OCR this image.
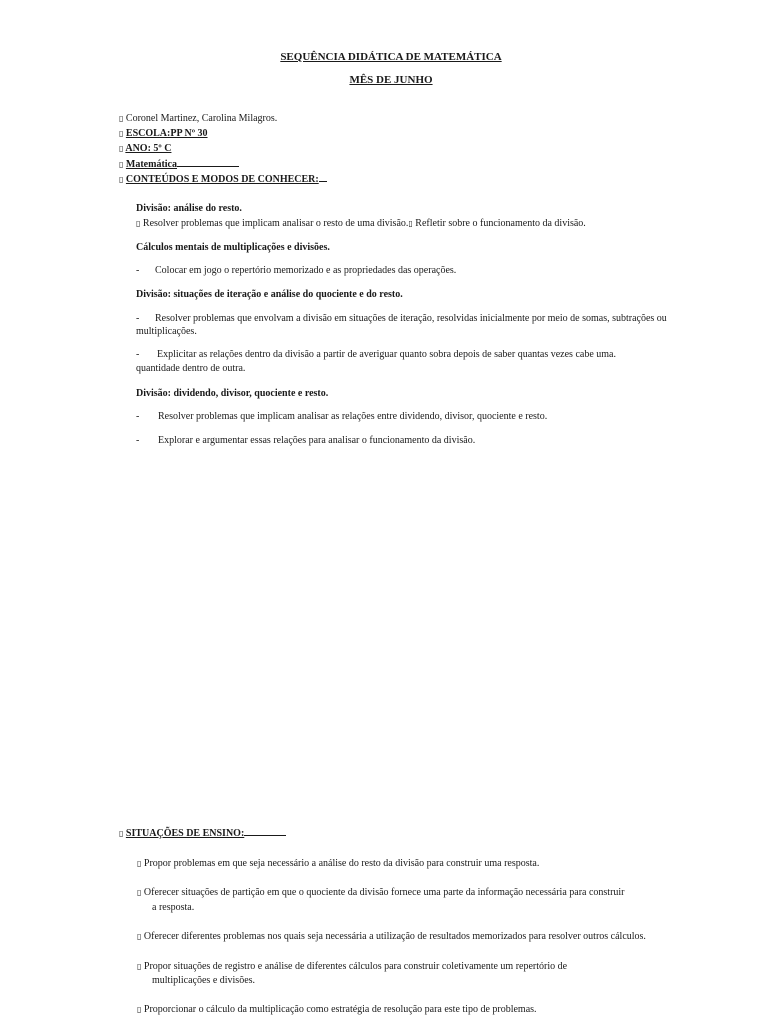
SEQUÊNCIA DIDÁTICA DE MATEMÁTICA
MÊS DE JUNHO
▯ Coronel Martinez, Carolina Milagros.
▯ ESCOLA:PP Nº 30
▯ ANO: 5º C
▯ Matemática
▯ CONTEÚDOS E MODOS DE CONHECER:
Divisão: análise do resto.
▯ Resolver problemas que implicam analisar o resto de uma divisão.▯ Refletir sobre o funcionamento da divisão.
Cálculos mentais de multiplicações e divisões.
- Colocar em jogo o repertório memorizado e as propriedades das operações.
Divisão: situações de iteração e análise do quociente e do resto.
-	Resolver problemas que envolvam a divisão em situações de iteração, resolvidas inicialmente por meio de somas, subtrações ou multiplicações.
- Explicitar as relações dentro da divisão a partir de averiguar quanto sobra depois de saber quantas vezes cabe uma.
quantidade dentro de outra.
Divisão: dividendo, divisor, quociente e resto.
- Resolver problemas que implicam analisar as relações entre dividendo, divisor, quociente e resto.
- Explorar e argumentar essas relações para analisar o funcionamento da divisão.
▯ SITUAÇÕES DE ENSINO:
▯ Propor problemas em que seja necessário a análise do resto da divisão para construir uma resposta.
▯ Oferecer situações de partição em que o quociente da divisão fornece uma parte da informação necessária para construir
a resposta.
▯ Oferecer diferentes problemas nos quais seja necessária a utilização de resultados memorizados para resolver outros cálculos.
▯ Propor situações de registro e análise de diferentes cálculos para construir coletivamente um repertório de
multiplicações e divisões.
▯ Proporcionar o cálculo da multiplicação como estratégia de resolução para este tipo de problemas.
